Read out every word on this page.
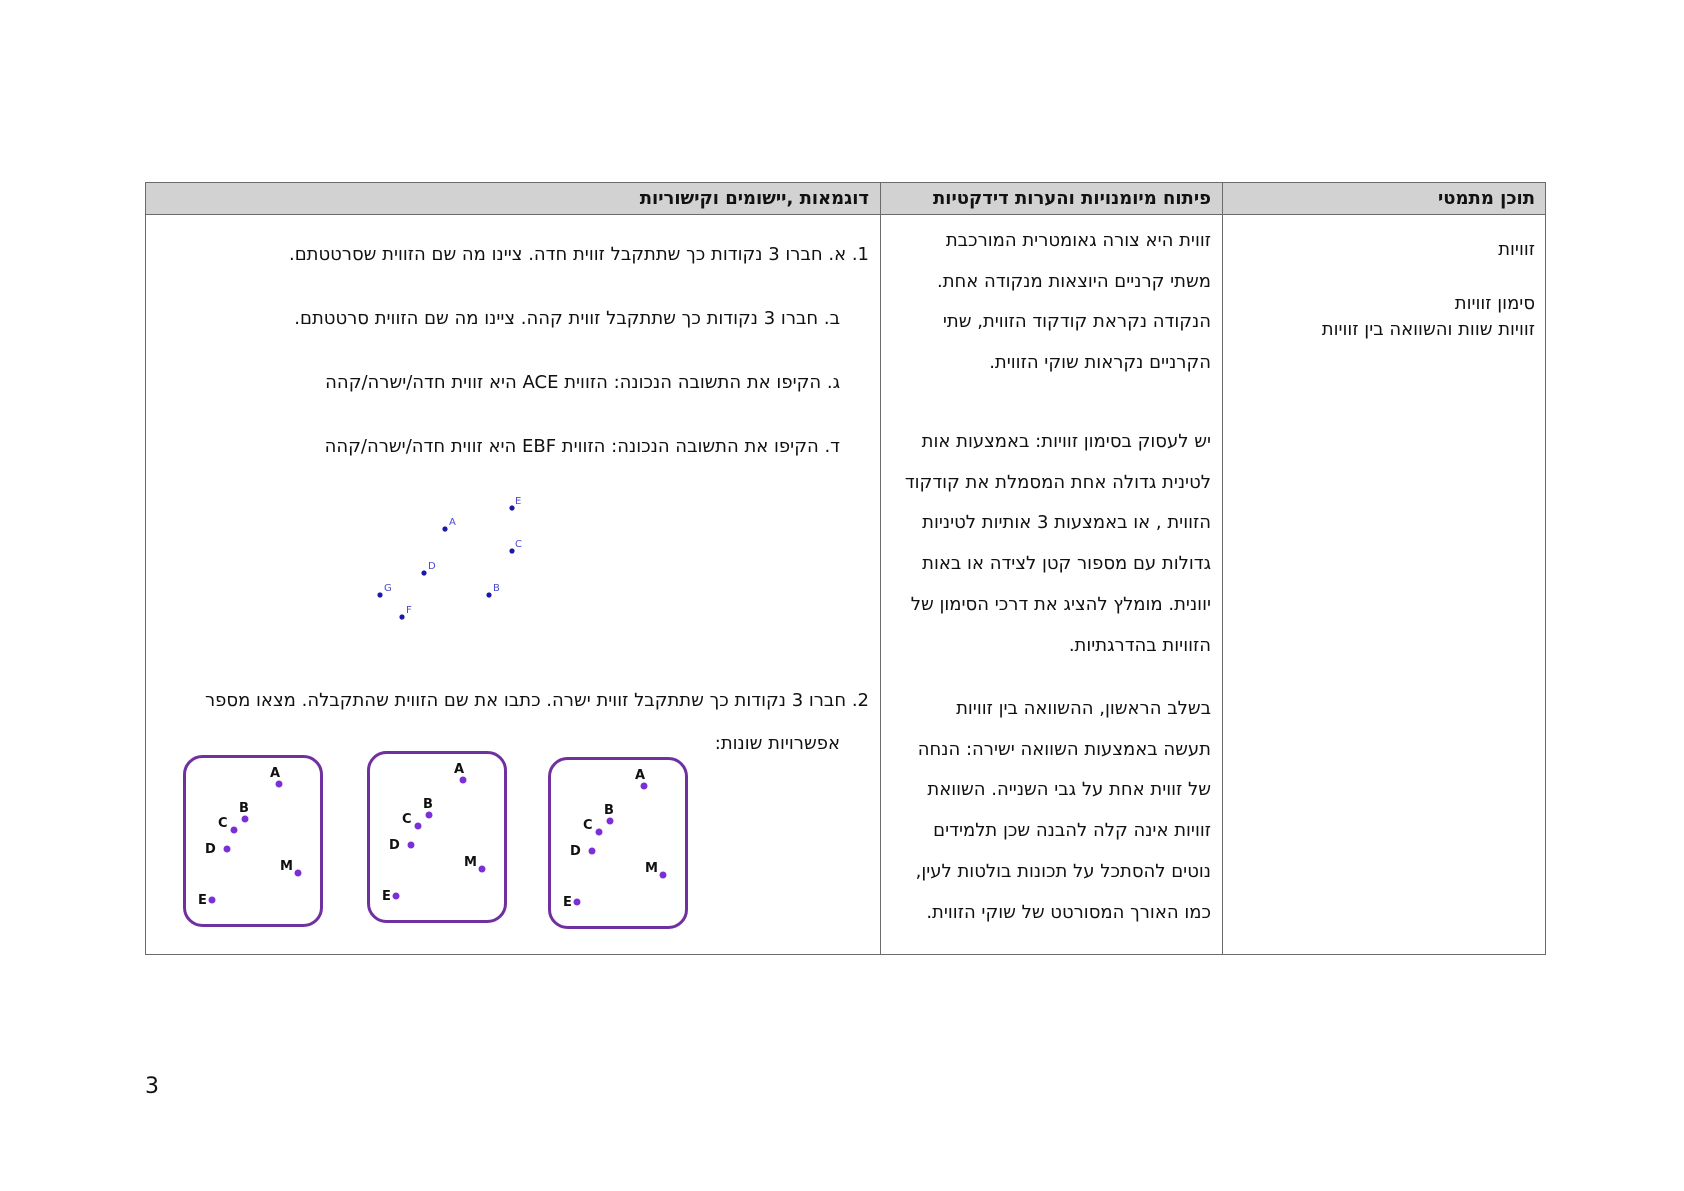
תוכן מתמטי
פיתוח מיומנויות והערות דידקטיות
דוגמאות ,יישומים וקישוריות
זוויות
סימון זוויות
זוויות שוות והשוואה בין זוויות
זווית היא צורה גאומטרית המורכבת
משתי קרניים היוצאות מנקודה אחת.
הנקודה נקראת קודקוד הזווית, שתי
הקרניים נקראות שוקי הזווית.
יש לעסוק בסימון זוויות: באמצעות אות
לטינית גדולה אחת המסמלת את קודקוד
הזווית , או באמצעות 3 אותיות לטיניות
גדולות עם מספור קטן לצידה או באות
יוונית. מומלץ להציג את דרכי הסימון של
הזוויות בהדרגתיות.
בשלב הראשון, ההשוואה בין זוויות
תעשה באמצעות השוואה ישירה: הנחה
של זווית אחת על גבי השנייה. השוואת
זוויות אינה קלה להבנה שכן תלמידים
נוטים להסתכל על תכונות בולטות לעין,
כמו האורך המסורטט של שוקי הזווית.
1. א. חברו 3 נקודות כך שתתקבל זווית חדה. ציינו מה שם הזווית שסרטטתם.
ב. חברו 3 נקודות כך שתתקבל זווית קהה. ציינו מה שם הזווית סרטטתם.
ג. הקיפו את התשובה הנכונה: הזווית ACE היא זווית חדה/ישרה/קהה
ד. הקיפו את התשובה הנכונה: הזווית EBF היא זווית חדה/ישרה/קהה
E
A
C
D
G	B
F
2. חברו 3 נקודות כך שתתקבל זווית ישרה. כתבו את שם הזווית שהתקבלה. מצאו מספר
אפשרויות שונות:
A
B
C
D
M
E
A
B
C
D
M
E
A
B
C
D
M
E
3
